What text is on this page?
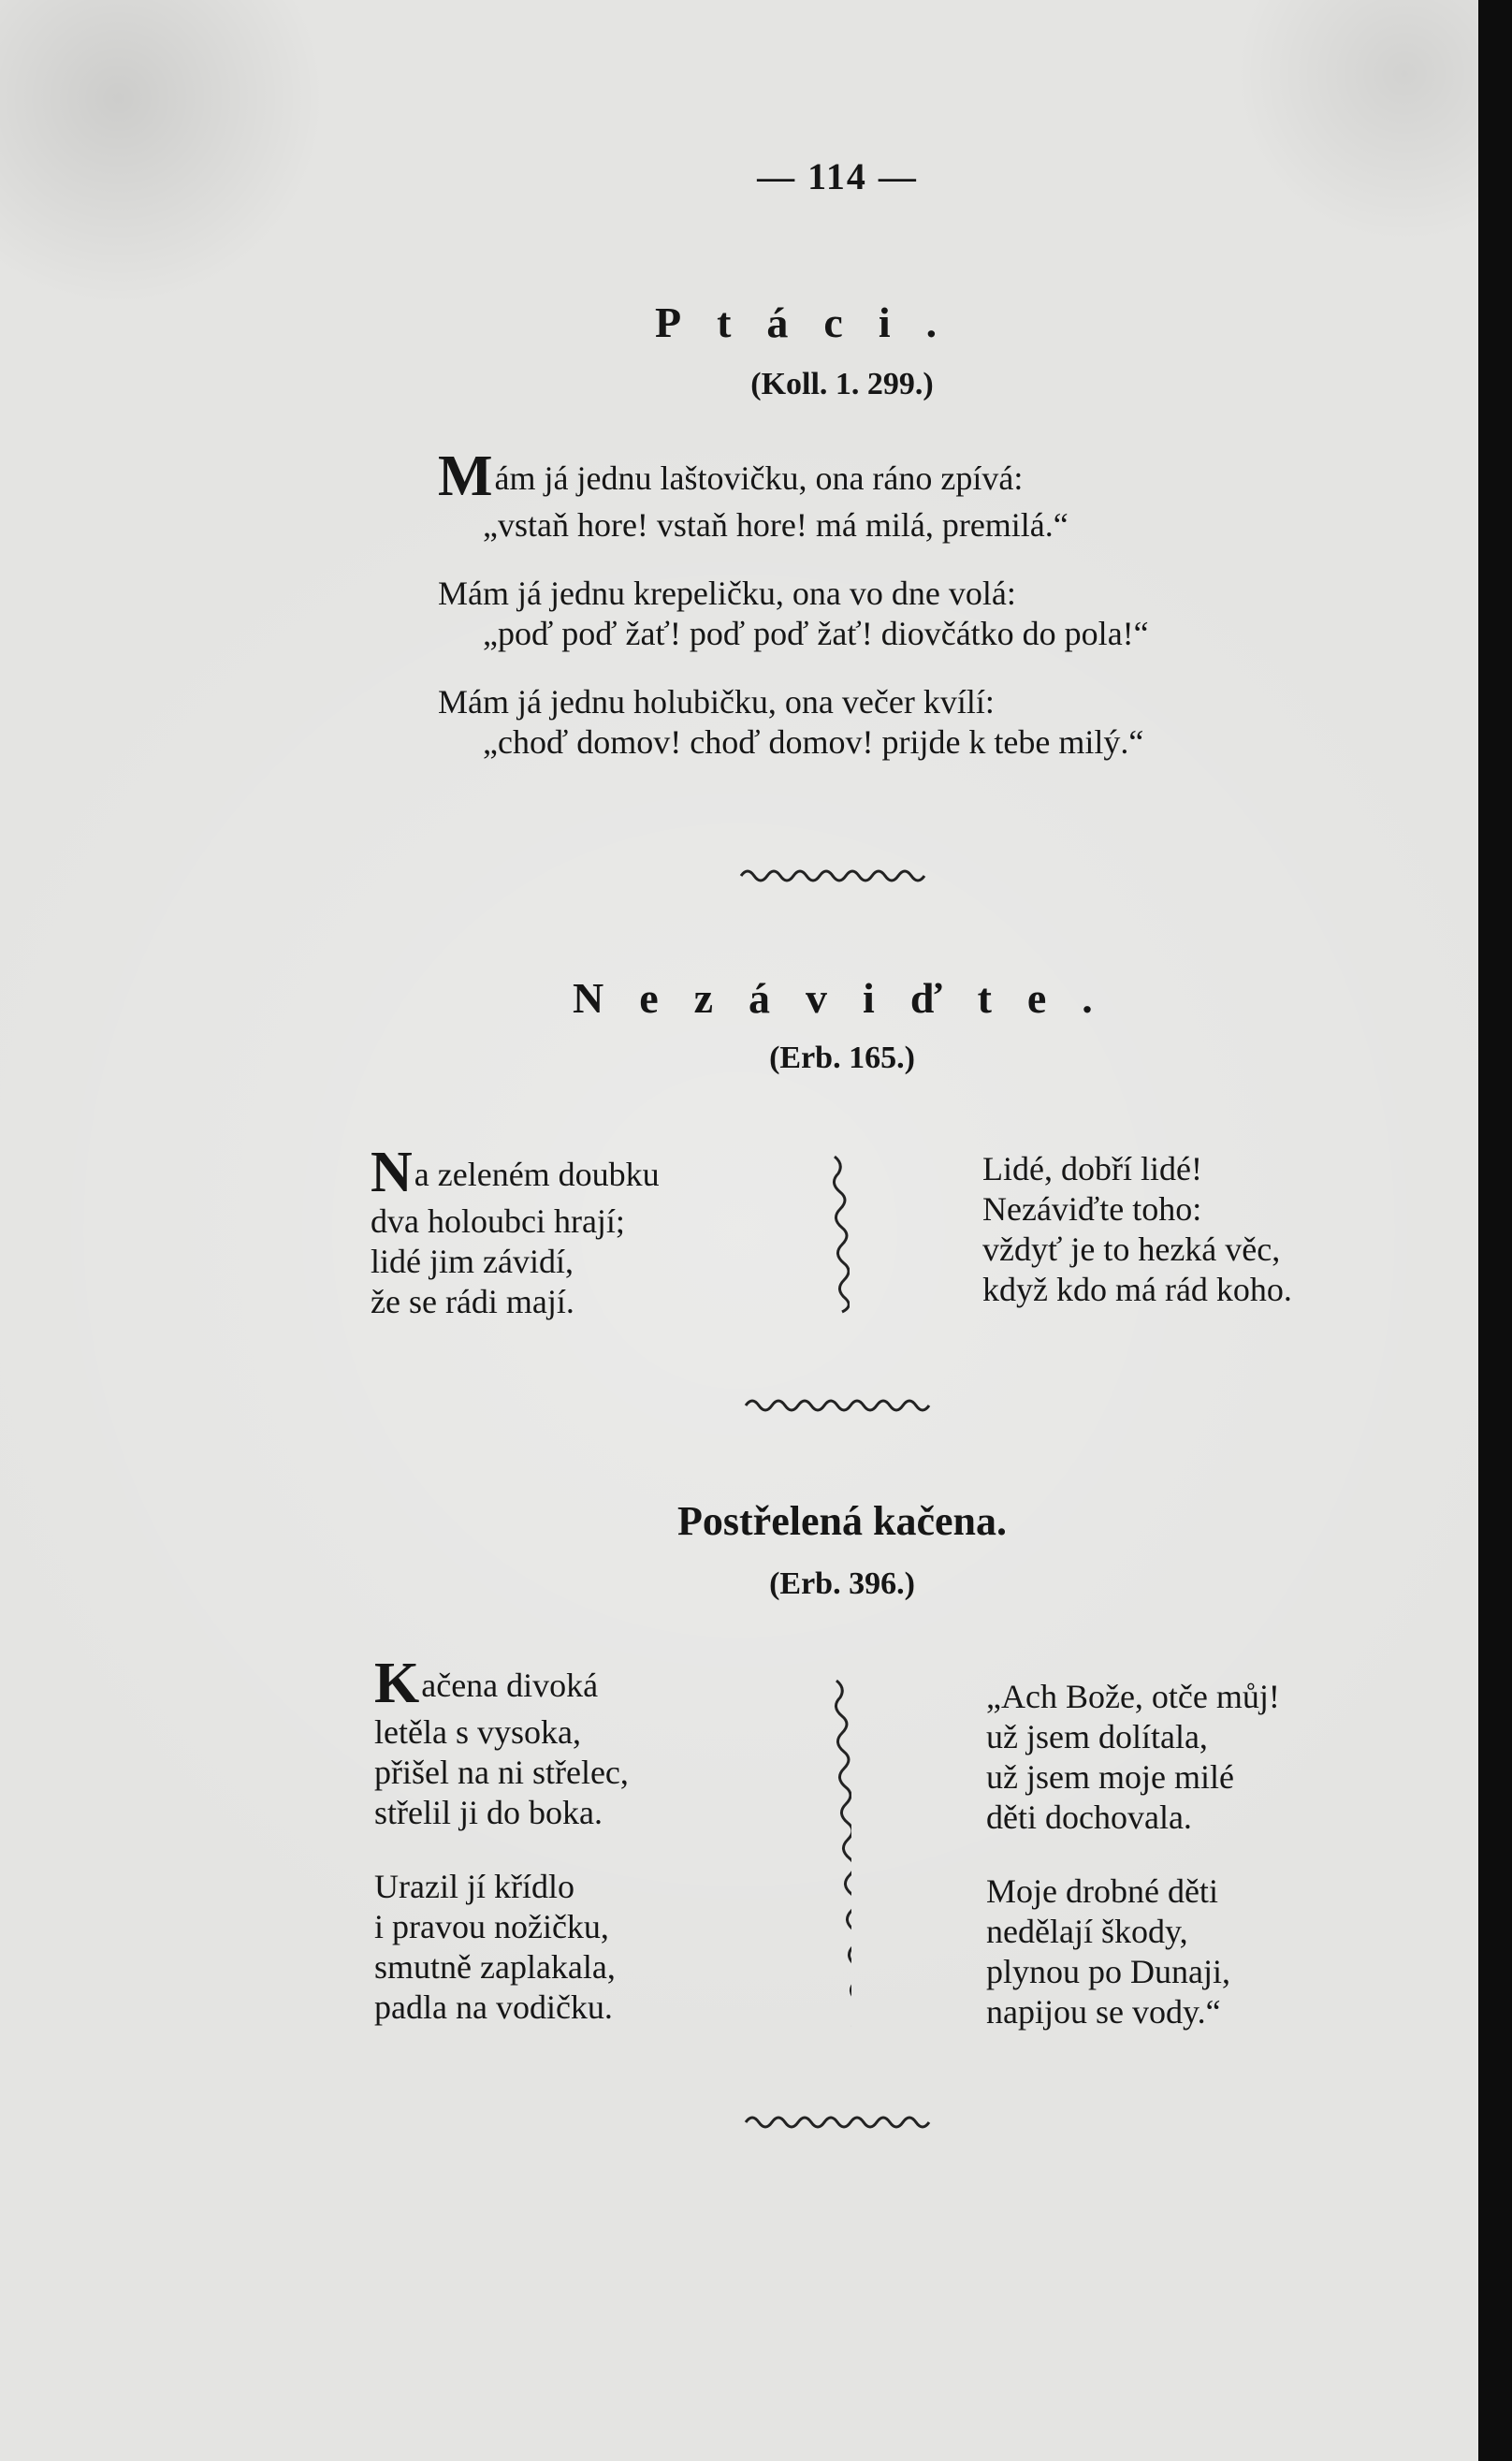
— 114 —
Ptáci.
(Koll. 1. 299.)
Mám já jednu laštovičku, ona ráno zpívá:
„vstaň hore! vstaň hore! má milá, premilá.“
Mám já jednu krepeličku, ona vo dne volá:
„poď poď žať! poď poď žať! diovčátko do pola!“
Mám já jednu holubičku, ona večer kvílí:
„choď domov! choď domov! prijde k tebe milý.“
Nezáviďte.
(Erb. 165.)
Na zeleném doubku
dva holoubci hrají;
lidé jim závidí,
že se rádi mají.
Lidé, dobří lidé!
Nezáviďte toho:
vždyť je to hezká věc,
když kdo má rád koho.
Postřelená kačena.
(Erb. 396.)
Kačena divoká
letěla s vysoka,
přišel na ni střelec,
střelil ji do boka.
Urazil jí křídlo
i pravou nožičku,
smutně zaplakala,
padla na vodičku.
„Ach Bože, otče můj!
už jsem dolítala,
už jsem moje milé
děti dochovala.
Moje drobné děti
nedělají škody,
plynou po Dunaji,
napijou se vody.“
